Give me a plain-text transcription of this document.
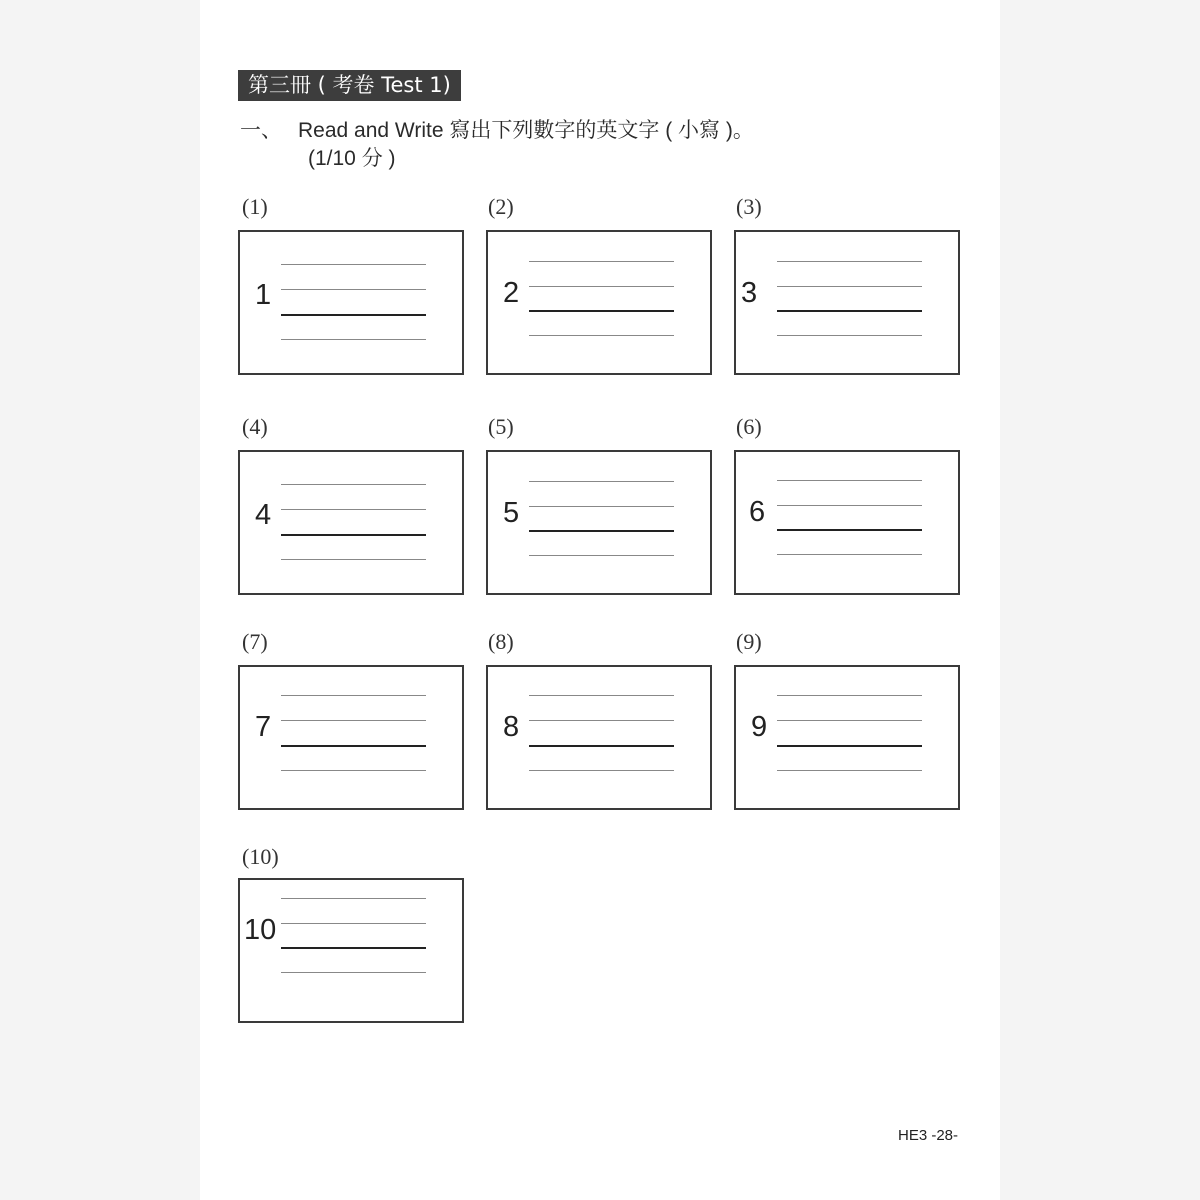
第三冊 ( 考卷 Test 1)
一、 Read and Write 寫出下列數字的英文字 ( 小寫 )。
(1/10 分 )
(1)
1
(2)
2
(3)
3
(4)
4
(5)
5
(6)
6
(7)
7
(8)
8
(9)
9
(10)
10
HE3 -28-
